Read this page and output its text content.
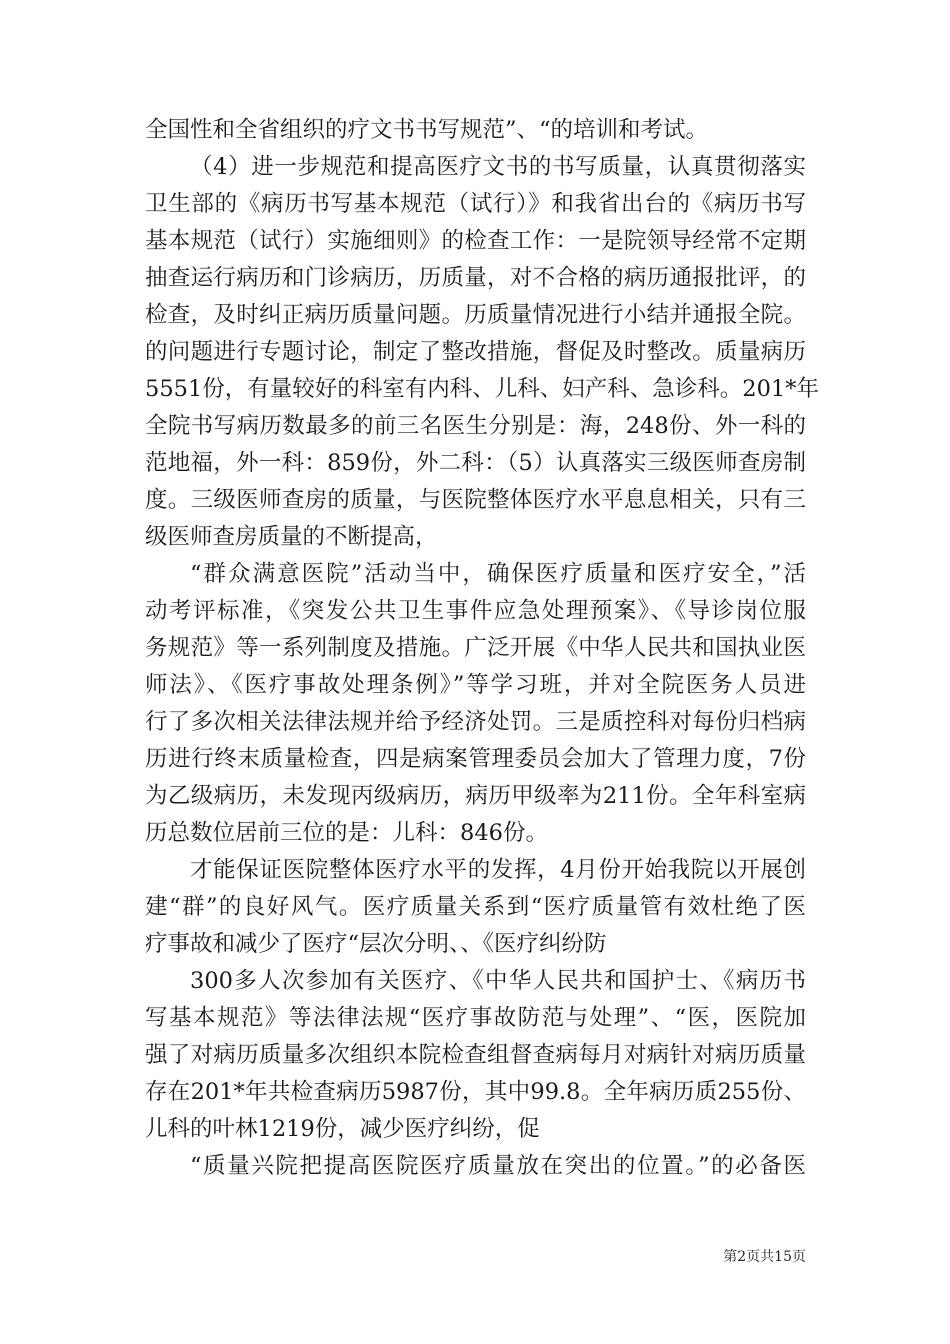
全国性和全省组织的疗文书书写规范”、“的培训和考试。
（4）进一步规范和提高医疗文书的书写质量，认真贯彻落实
卫生部的《病历书写基本规范（试行）》和我省出台的《病历书写
基本规范（试行）实施细则》的检查工作：一是院领导经常不定期
抽查运行病历和门诊病历，历质量，对不合格的病历通报批评，的
检查，及时纠正病历质量问题。历质量情况进行小结并通报全院。
的问题进行专题讨论，制定了整改措施，督促及时整改。质量病历
5551份，有量较好的科室有内科、儿科、妇产科、急诊科。201*年
全院书写病历数最多的前三名医生分别是：海，248份、外一科的
范地福，外一科：859份，外二科：（5）认真落实三级医师查房制
度。三级医师查房的质量，与医院整体医疗水平息息相关，只有三
级医师查房质量的不断提高，
“群众满意医院”活动当中，确保医疗质量和医疗安全，”活
动考评标准，《突发公共卫生事件应急处理预案》、《导诊岗位服
务规范》等一系列制度及措施。广泛开展《中华人民共和国执业医
师法》、《医疗事故处理条例》”等学习班，并对全院医务人员进
行了多次相关法律法规并给予经济处罚。三是质控科对每份归档病
历进行终末质量检查，四是病案管理委员会加大了管理力度，7份
为乙级病历，未发现丙级病历，病历甲级率为211份。全年科室病
历总数位居前三位的是：儿科：846份。
才能保证医院整体医疗水平的发挥，4月份开始我院以开展创
建“群”的良好风气。医疗质量关系到“医疗质量管有效杜绝了医
疗事故和减少了医疗“层次分明、、《医疗纠纷防
300多人次参加有关医疗、《中华人民共和国护士、《病历书
写基本规范》等法律法规“医疗事故防范与处理”、“医，医院加
强了对病历质量多次组织本院检查组督查病每月对病针对病历质量
存在201*年共检查病历5987份，其中99.8。全年病历质255份、
儿科的叶林1219份，减少医疗纠纷，促
“质量兴院把提高医院医疗质量放在突出的位置。”的必备医
第2页共15页
